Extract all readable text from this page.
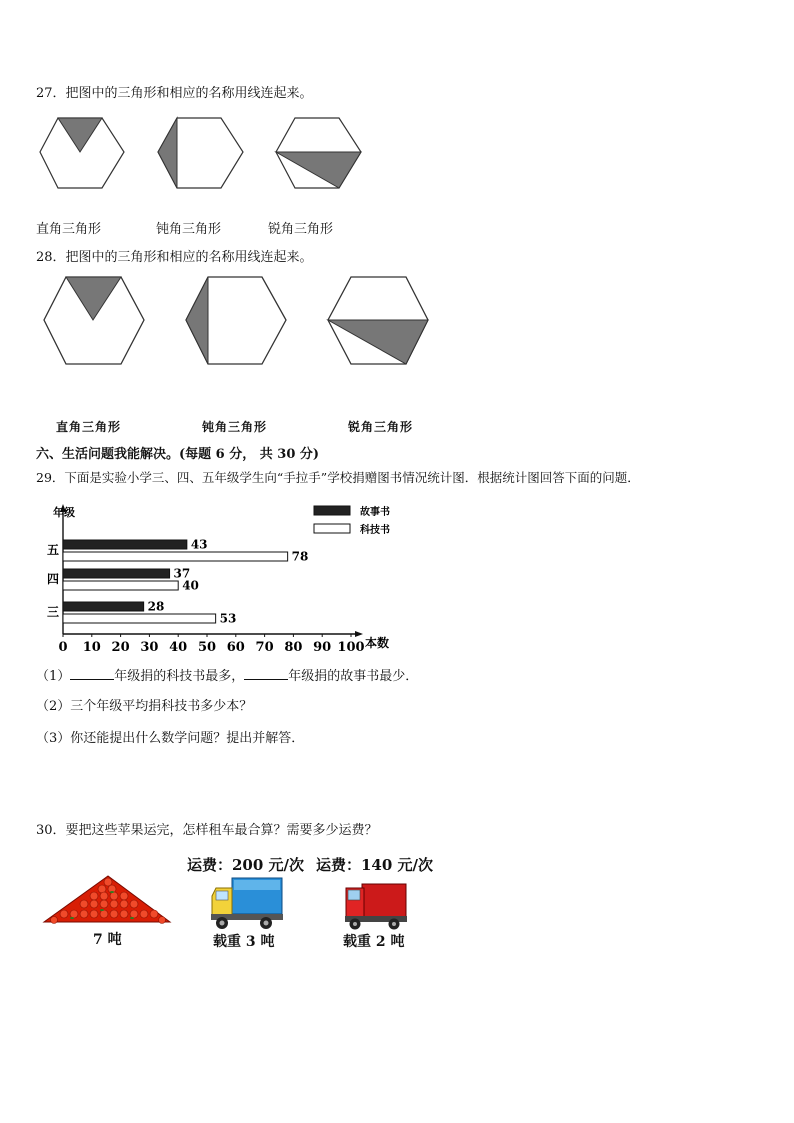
27．把图中的三角形和相应的名称用线连起来。
直角三角形	钝角三角形	锐角三角形
28．把图中的三角形和相应的名称用线连起来。
直角三角形	钝角三角形	锐角三角形
六、生活问题我能解决。(每题 6 分， 共 30 分)
29．下面是实验小学三、四、五年级学生向“手拉手”学校捐赠图书情况统计图．根据统计图回答下面的问题．
年级
本数
0 10 20 30 40 50 60 70 80 90 100
五	43
78
四	37
40
三	28
53
故事书
科技书
（1）	年级捐的科技书最多，	年级捐的故事书最少．
（2）三个年级平均捐科技书多少本？
（3）你还能提出什么数学问题？提出并解答．
30．要把这些苹果运完，怎样租车最合算？需要多少运费？
运费：200 元/次 运费：140 元/次
7 吨	载重 3 吨	载重 2 吨
